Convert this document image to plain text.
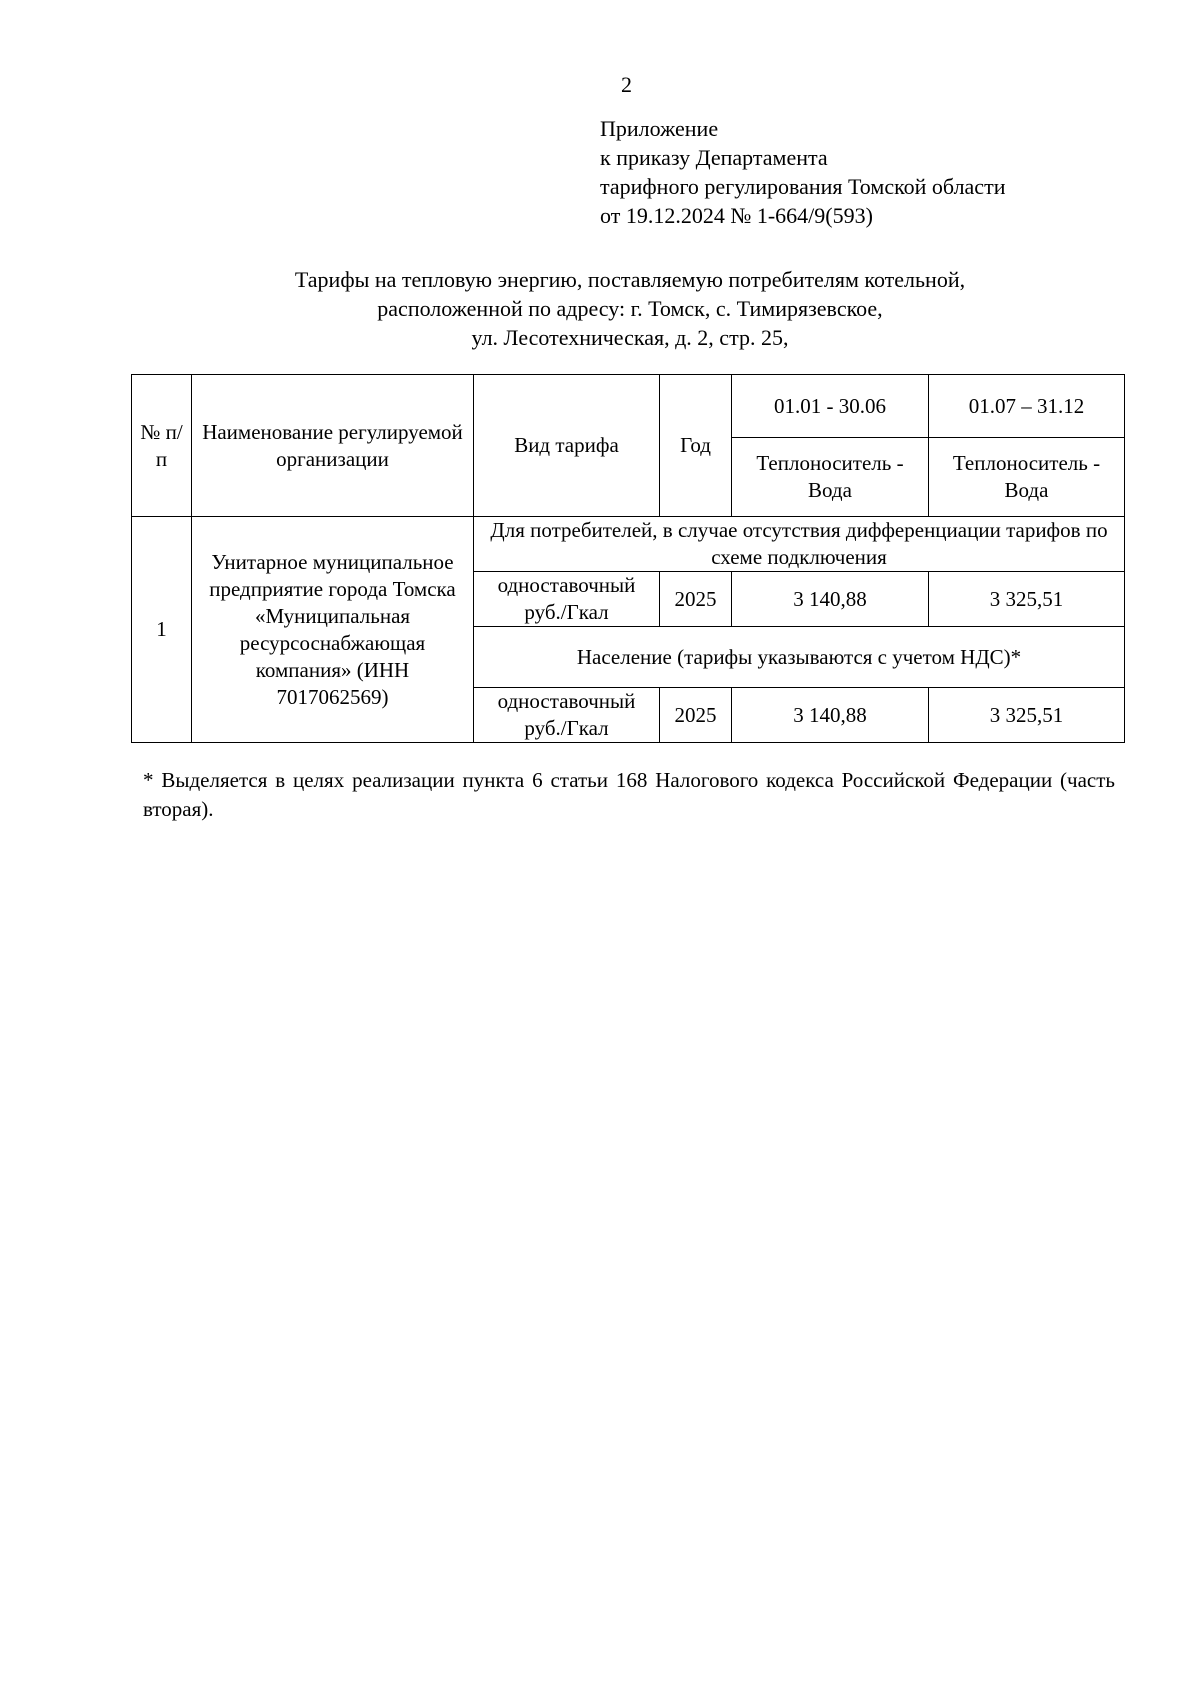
2
Приложение
к приказу Департамента
тарифного регулирования Томской области
от 19.12.2024 № 1-664/9(593)
Тарифы на тепловую энергию, поставляемую потребителям котельной,
расположенной по адресу: г. Томск, с. Тимирязевское,
ул. Лесотехническая, д. 2, стр. 25,
№ п/п	Наименование регулируемой организации	Вид тарифа	Год	01.01 - 30.06	01.07 – 31.12
				Теплоноситель - Вода	Теплоноситель - Вода
1	Унитарное муниципальное предприятие города Томска «Муниципальная ресурсоснабжающая компания» (ИНН 7017062569)	Для потребителей, в случае отсутствия дифференциации тарифов по схеме подключения			
		одноставочный руб./Гкал	2025	3 140,88	3 325,51
		Население (тарифы указываются с учетом НДС)*			
		одноставочный руб./Гкал	2025	3 140,88	3 325,51
* Выделяется в целях реализации пункта 6 статьи 168 Налогового кодекса Российской Федерации (часть вторая).
